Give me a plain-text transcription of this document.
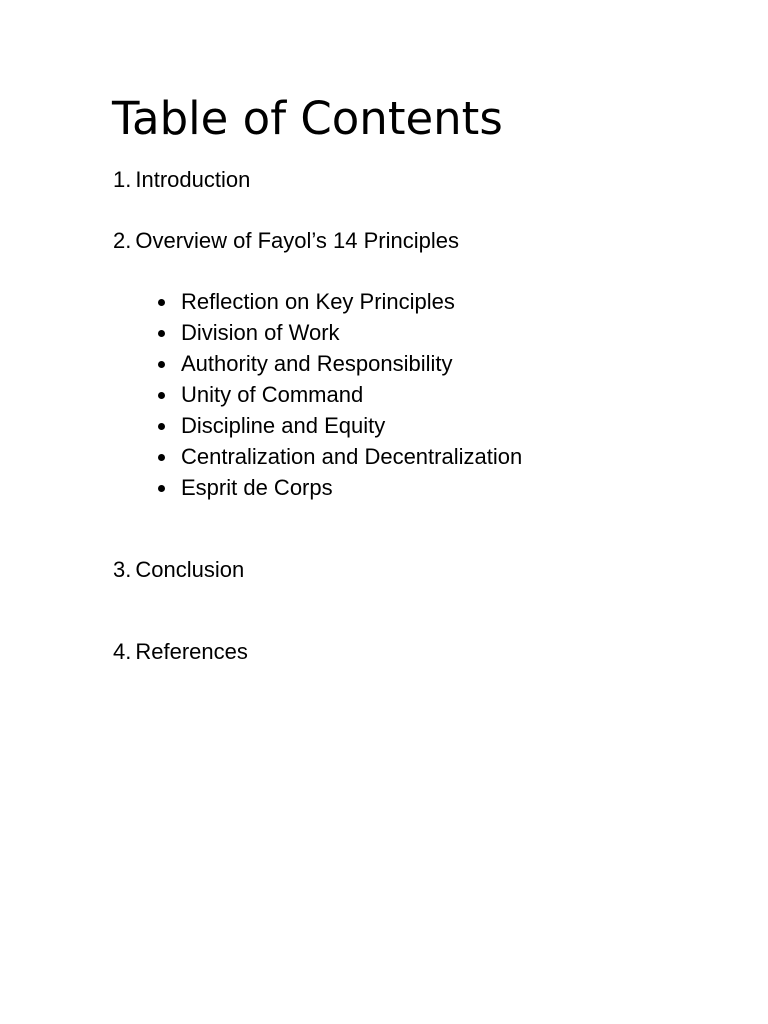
Table of Contents

1. Introduction

2. Overview of Fayol’s 14 Principles

Reflection on Key Principles
Division of Work
Authority and Responsibility
Unity of Command
Discipline and Equity
Centralization and Decentralization
Esprit de Corps

3. Conclusion

4. References
